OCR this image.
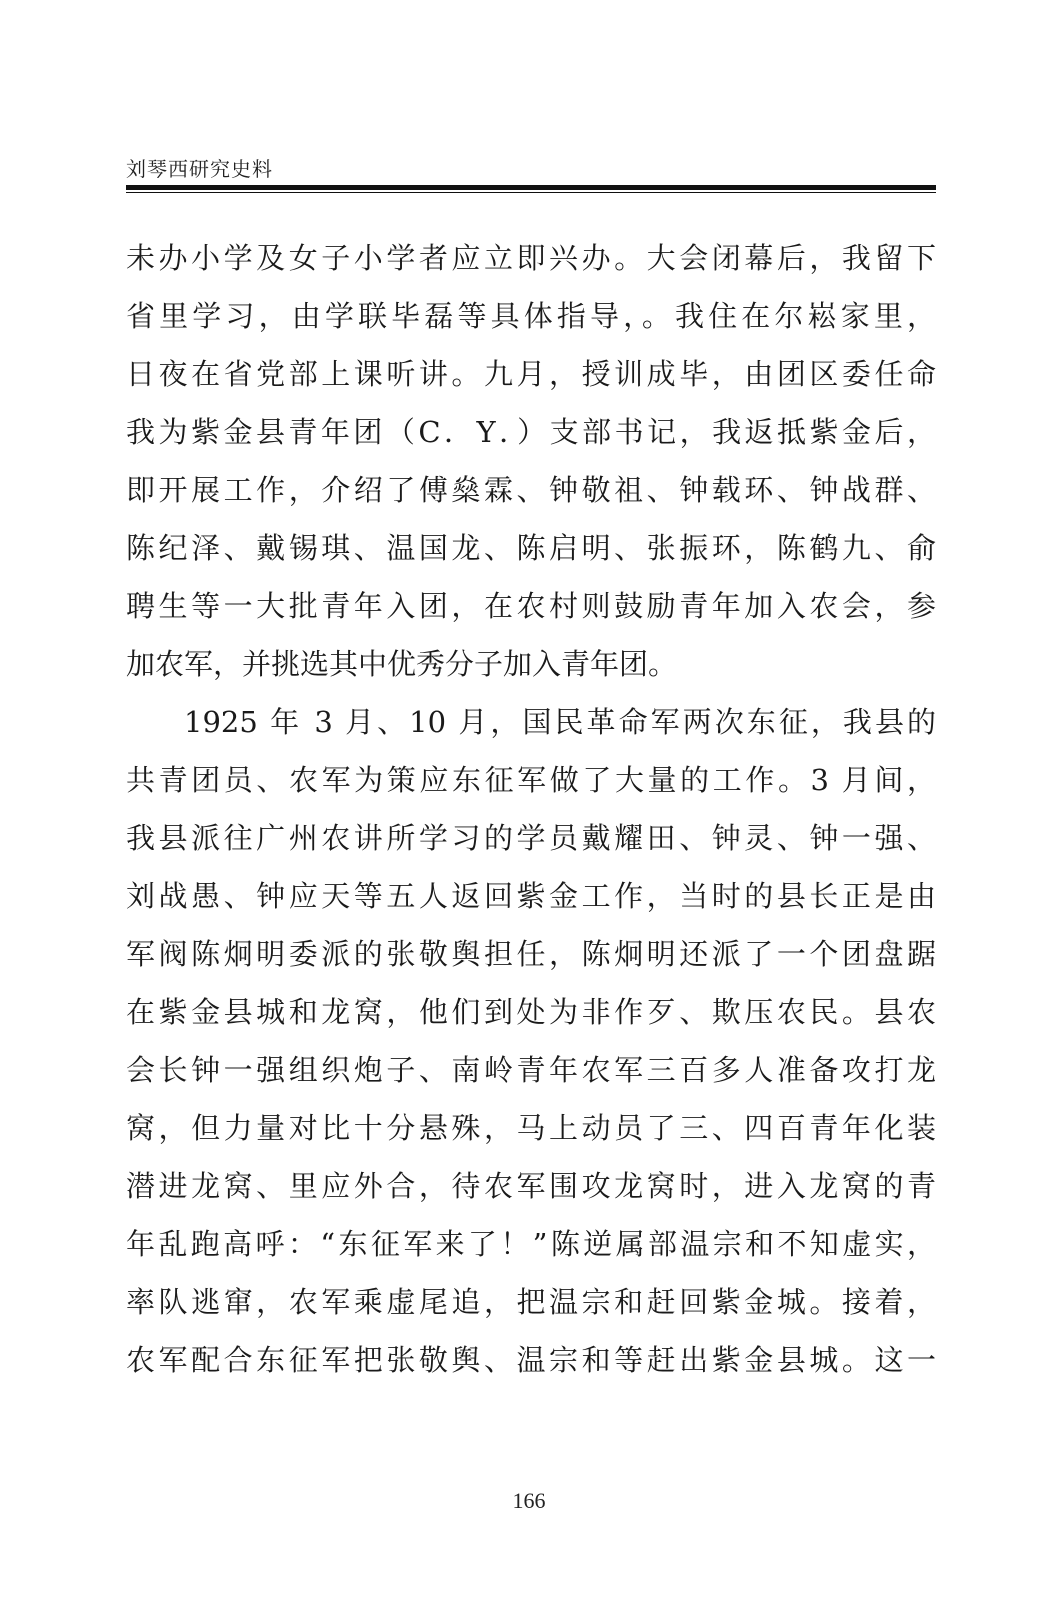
刘琴西研究史料
未办小学及女子小学者应立即兴办。大会闭幕后，我留下
省里学习，由学联毕磊等具体指导，。我住在尔崧家里，
日夜在省党部上课听讲。九月，授训成毕，由团区委任命
我为紫金县青年团（C．Y．）支部书记，我返抵紫金后，
即开展工作，介绍了傅燊霖、钟敬祖、钟载环、钟战群、
陈纪泽、戴锡琪、温国龙、陈启明、张振环，陈鹤九、俞
聘生等一大批青年入团，在农村则鼓励青年加入农会，参
加农军，并挑选其中优秀分子加入青年团。
1925 年 3 月、10 月，国民革命军两次东征，我县的
共青团员、农军为策应东征军做了大量的工作。3 月间，
我县派往广州农讲所学习的学员戴耀田、钟灵、钟一强、
刘战愚、钟应天等五人返回紫金工作，当时的县长正是由
军阀陈炯明委派的张敬舆担任，陈炯明还派了一个团盘踞
在紫金县城和龙窝，他们到处为非作歹、欺压农民。县农
会长钟一强组织炮子、南岭青年农军三百多人准备攻打龙
窝，但力量对比十分悬殊，马上动员了三、四百青年化装
潜进龙窝、里应外合，待农军围攻龙窝时，进入龙窝的青
年乱跑高呼：“东征军来了！”陈逆属部温宗和不知虚实，
率队逃窜，农军乘虚尾追，把温宗和赶回紫金城。接着，
农军配合东征军把张敬舆、温宗和等赶出紫金县城。这一
166
